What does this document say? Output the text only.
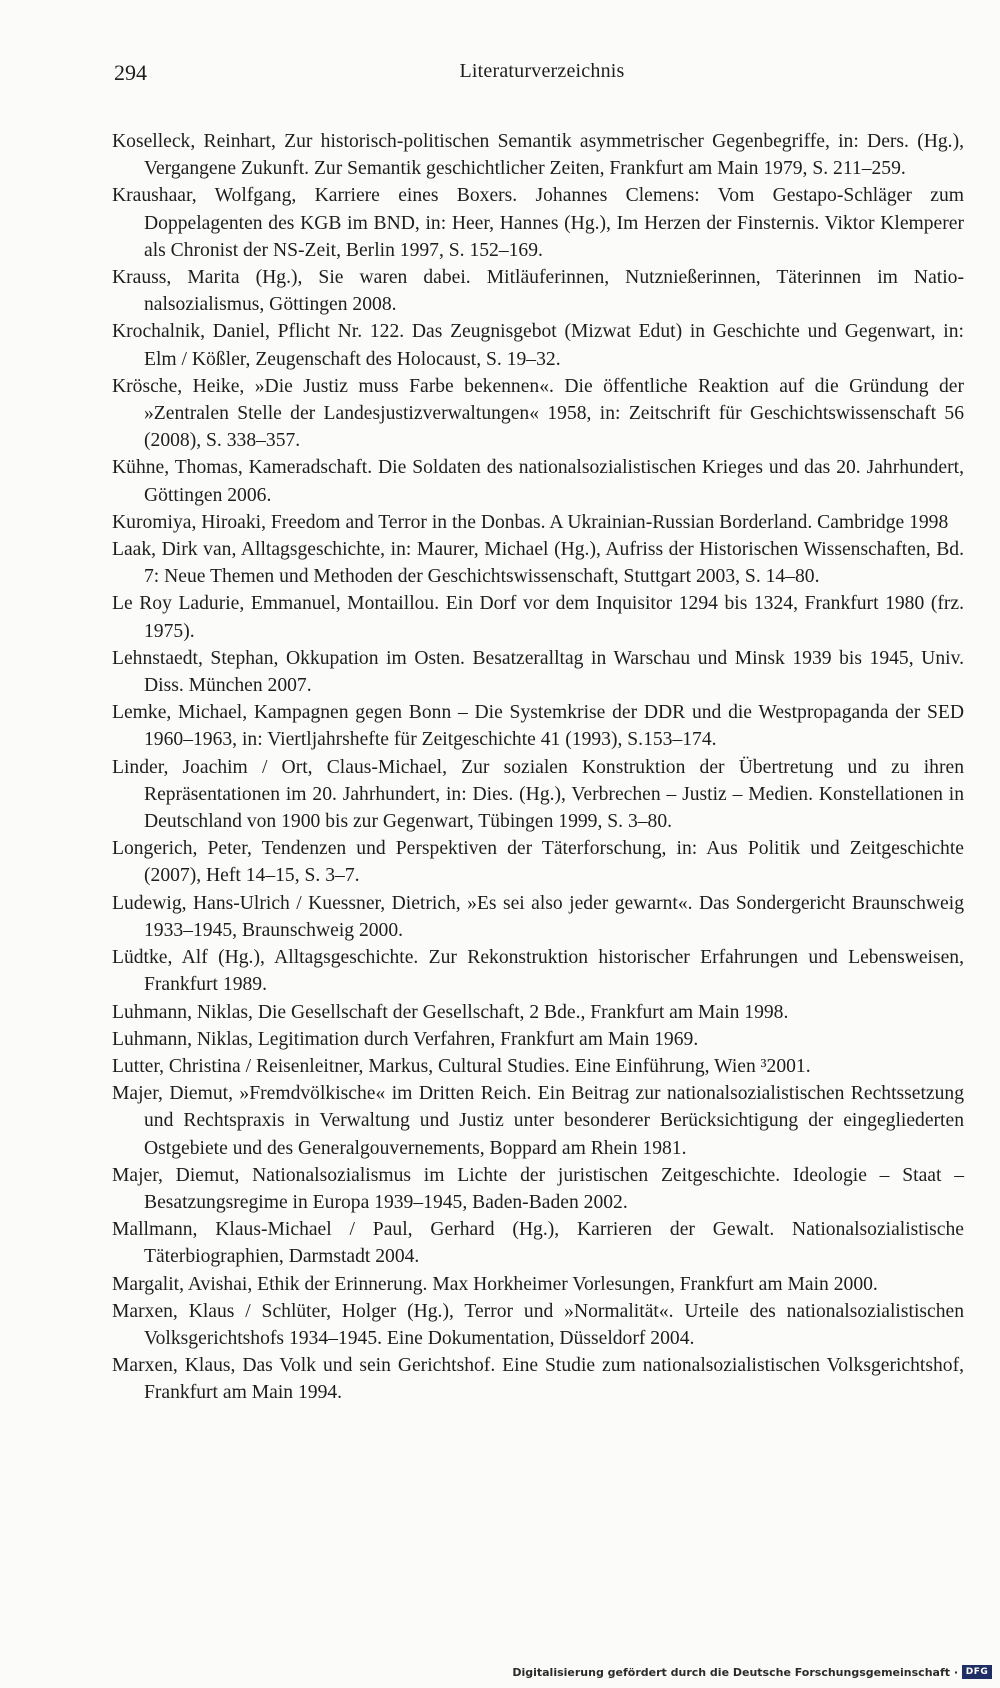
294	Literaturverzeichnis

Koselleck, Reinhart, Zur historisch-politischen Semantik asymmetrischer Gegenbegriffe, in: Ders. (Hg.), Vergangene Zukunft. Zur Semantik geschichtlicher Zeiten, Frankfurt am Main 1979, S. 211–259.

Kraushaar, Wolfgang, Karriere eines Boxers. Johannes Clemens: Vom Gestapo-Schläger zum Doppelagenten des KGB im BND, in: Heer, Hannes (Hg.), Im Herzen der Finsternis. Viktor Klemperer als Chronist der NS-Zeit, Berlin 1997, S. 152–169.

Krauss, Marita (Hg.), Sie waren dabei. Mitläuferinnen, Nutznießerinnen, Täterinnen im Nationalsozialismus, Göttingen 2008.

Krochalnik, Daniel, Pflicht Nr. 122. Das Zeugnisgebot (Mizwat Edut) in Geschichte und Gegenwart, in: Elm / Kößler, Zeugenschaft des Holocaust, S. 19–32.

Krösche, Heike, »Die Justiz muss Farbe bekennen«. Die öffentliche Reaktion auf die Gründung der »Zentralen Stelle der Landesjustizverwaltungen« 1958, in: Zeitschrift für Geschichtswissenschaft 56 (2008), S. 338–357.

Kühne, Thomas, Kameradschaft. Die Soldaten des nationalsozialistischen Krieges und das 20. Jahrhundert, Göttingen 2006.

Kuromiya, Hiroaki, Freedom and Terror in the Donbas. A Ukrainian-Russian Borderland. Cambridge 1998

Laak, Dirk van, Alltagsgeschichte, in: Maurer, Michael (Hg.), Aufriss der Historischen Wissenschaften, Bd. 7: Neue Themen und Methoden der Geschichtswissenschaft, Stuttgart 2003, S. 14–80.

Le Roy Ladurie, Emmanuel, Montaillou. Ein Dorf vor dem Inquisitor 1294 bis 1324, Frankfurt 1980 (frz. 1975).

Lehnstaedt, Stephan, Okkupation im Osten. Besatzeralltag in Warschau und Minsk 1939 bis 1945, Univ. Diss. München 2007.

Lemke, Michael, Kampagnen gegen Bonn – Die Systemkrise der DDR und die Westpropaganda der SED 1960–1963, in: Viertljahrshefte für Zeitgeschichte 41 (1993), S.153–174.

Linder, Joachim / Ort, Claus-Michael, Zur sozialen Konstruktion der Übertretung und zu ihren Repräsentationen im 20. Jahrhundert, in: Dies. (Hg.), Verbrechen – Justiz – Medien. Konstellationen in Deutschland von 1900 bis zur Gegenwart, Tübingen 1999, S. 3–80.

Longerich, Peter, Tendenzen und Perspektiven der Täterforschung, in: Aus Politik und Zeitgeschichte (2007), Heft 14–15, S. 3–7.

Ludewig, Hans-Ulrich / Kuessner, Dietrich, »Es sei also jeder gewarnt«. Das Sondergericht Braunschweig 1933–1945, Braunschweig 2000.

Lüdtke, Alf (Hg.), Alltagsgeschichte. Zur Rekonstruktion historischer Erfahrungen und Lebensweisen, Frankfurt 1989.

Luhmann, Niklas, Die Gesellschaft der Gesellschaft, 2 Bde., Frankfurt am Main 1998.

Luhmann, Niklas, Legitimation durch Verfahren, Frankfurt am Main 1969.

Lutter, Christina / Reisenleitner, Markus, Cultural Studies. Eine Einführung, Wien ³2001.

Majer, Diemut, »Fremdvölkische« im Dritten Reich. Ein Beitrag zur nationalsozialistischen Rechtssetzung und Rechtspraxis in Verwaltung und Justiz unter besonderer Berücksichtigung der eingegliederten Ostgebiete und des Generalgouvernements, Boppard am Rhein 1981.

Majer, Diemut, Nationalsozialismus im Lichte der juristischen Zeitgeschichte. Ideologie – Staat – Besatzungsregime in Europa 1939–1945, Baden-Baden 2002.

Mallmann, Klaus-Michael / Paul, Gerhard (Hg.), Karrieren der Gewalt. Nationalsozialistische Täterbiographien, Darmstadt 2004.

Margalit, Avishai, Ethik der Erinnerung. Max Horkheimer Vorlesungen, Frankfurt am Main 2000.

Marxen, Klaus / Schlüter, Holger (Hg.), Terror und »Normalität«. Urteile des nationalsozialistischen Volksgerichtshofs 1934–1945. Eine Dokumentation, Düsseldorf 2004.

Marxen, Klaus, Das Volk und sein Gerichtshof. Eine Studie zum nationalsozialistischen Volksgerichtshof, Frankfurt am Main 1994.

Digitalisierung gefördert durch die Deutsche Forschungsgemeinschaft · DFG
